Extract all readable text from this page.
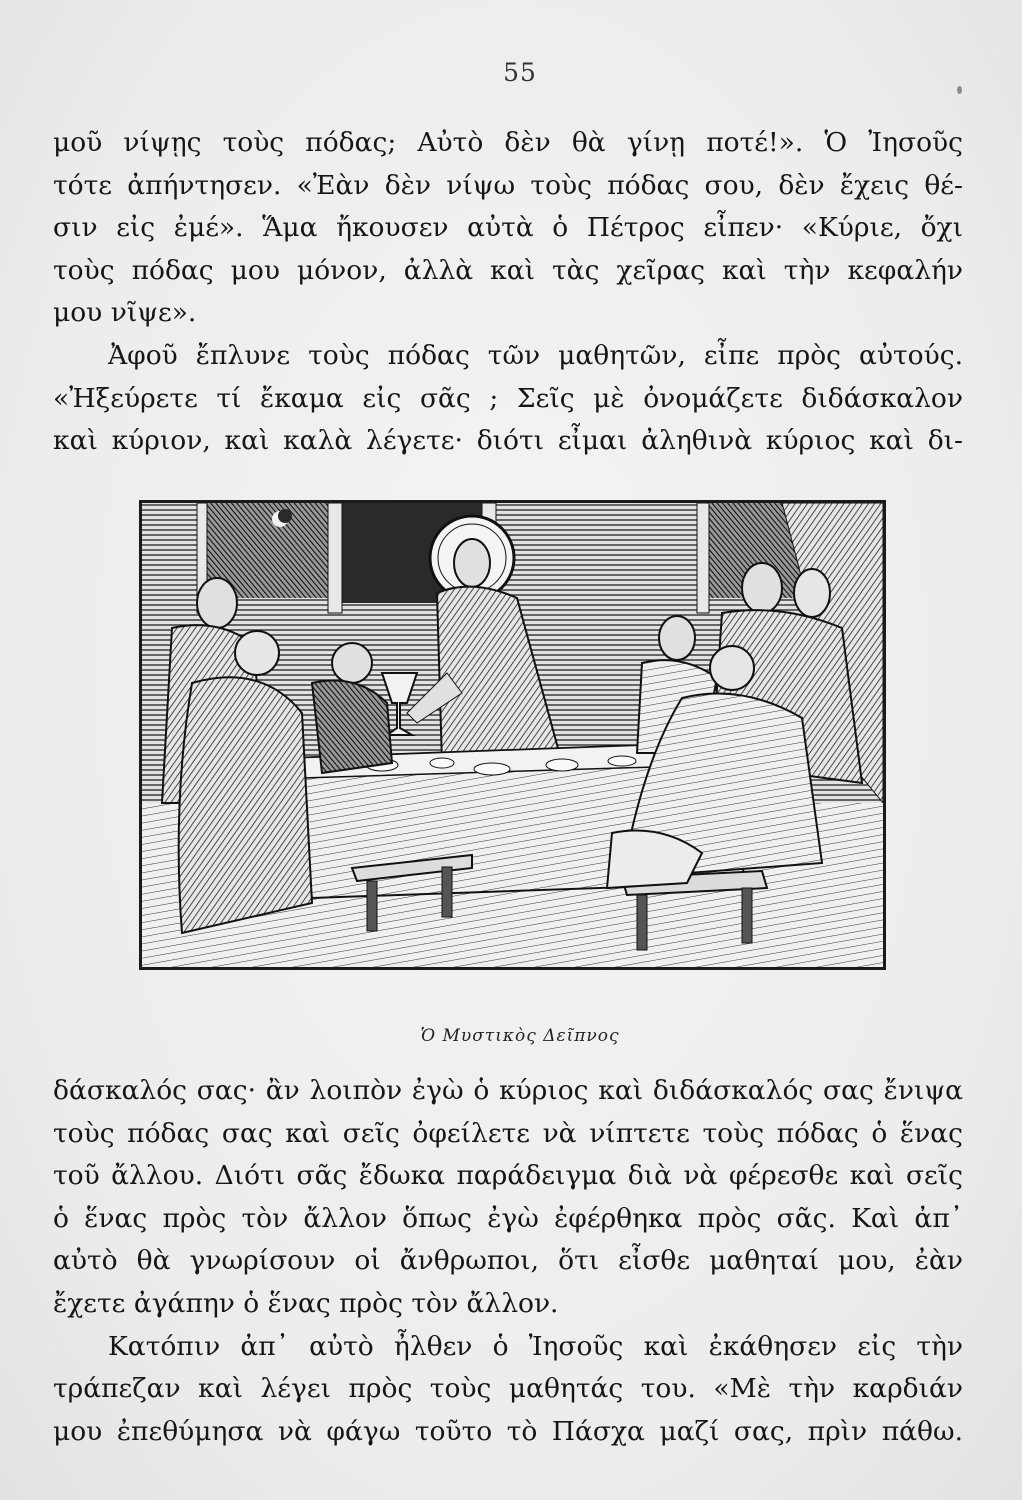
55
μοῦ νίψῃς τοὺς πόδας; Αὐτὸ δὲν θὰ γίνῃ ποτέ!». Ὁ Ἰησοῦς
τότε ἀπήντησεν. «Ἐὰν δὲν νίψω τοὺς πόδας σου, δὲν ἔχεις θέ-
σιν εἰς ἐμέ». Ἅμα ἤκουσεν αὐτὰ ὁ Πέτρος εἶπεν· «Κύριε, ὄχι
τοὺς πόδας μου μόνον, ἀλλὰ καὶ τὰς χεῖρας καὶ τὴν κεφαλήν
μου νῖψε».
Ἀφοῦ ἔπλυνε τοὺς πόδας τῶν μαθητῶν, εἶπε πρὸς αὐτούς.
«Ἠξεύρετε τί ἔκαμα εἰς σᾶς ; Σεῖς μὲ ὀνομάζετε διδάσκαλον
καὶ κύριον, καὶ καλὰ λέγετε· διότι εἶμαι ἀληθινὰ κύριος καὶ δι-
Ὁ Μυστικὸς Δεῖπνος
δάσκαλός σας· ἂν λοιπὸν ἐγὼ ὁ κύριος καὶ διδάσκαλός σας ἔνιψα
τοὺς πόδας σας καὶ σεῖς ὀφείλετε νὰ νίπτετε τοὺς πόδας ὁ ἕνας
τοῦ ἄλλου. Διότι σᾶς ἔδωκα παράδειγμα διὰ νὰ φέρεσθε καὶ σεῖς
ὁ ἕνας πρὸς τὸν ἄλλον ὅπως ἐγὼ ἐφέρθηκα πρὸς σᾶς. Καὶ ἀπ᾽
αὐτὸ θὰ γνωρίσουν οἱ ἄνθρωποι, ὅτι εἶσθε μαθηταί μου, ἐὰν
ἔχετε ἀγάπην ὁ ἕνας πρὸς τὸν ἄλλον.
Κατόπιν ἀπ᾽ αὐτὸ ἦλθεν ὁ Ἰησοῦς καὶ ἐκάθησεν εἰς τὴν
τράπεζαν καὶ λέγει πρὸς τοὺς μαθητάς του. «Μὲ τὴν καρδιάν
μου ἐπεθύμησα νὰ φάγω τοῦτο τὸ Πάσχα μαζί σας, πρὶν πάθω.
